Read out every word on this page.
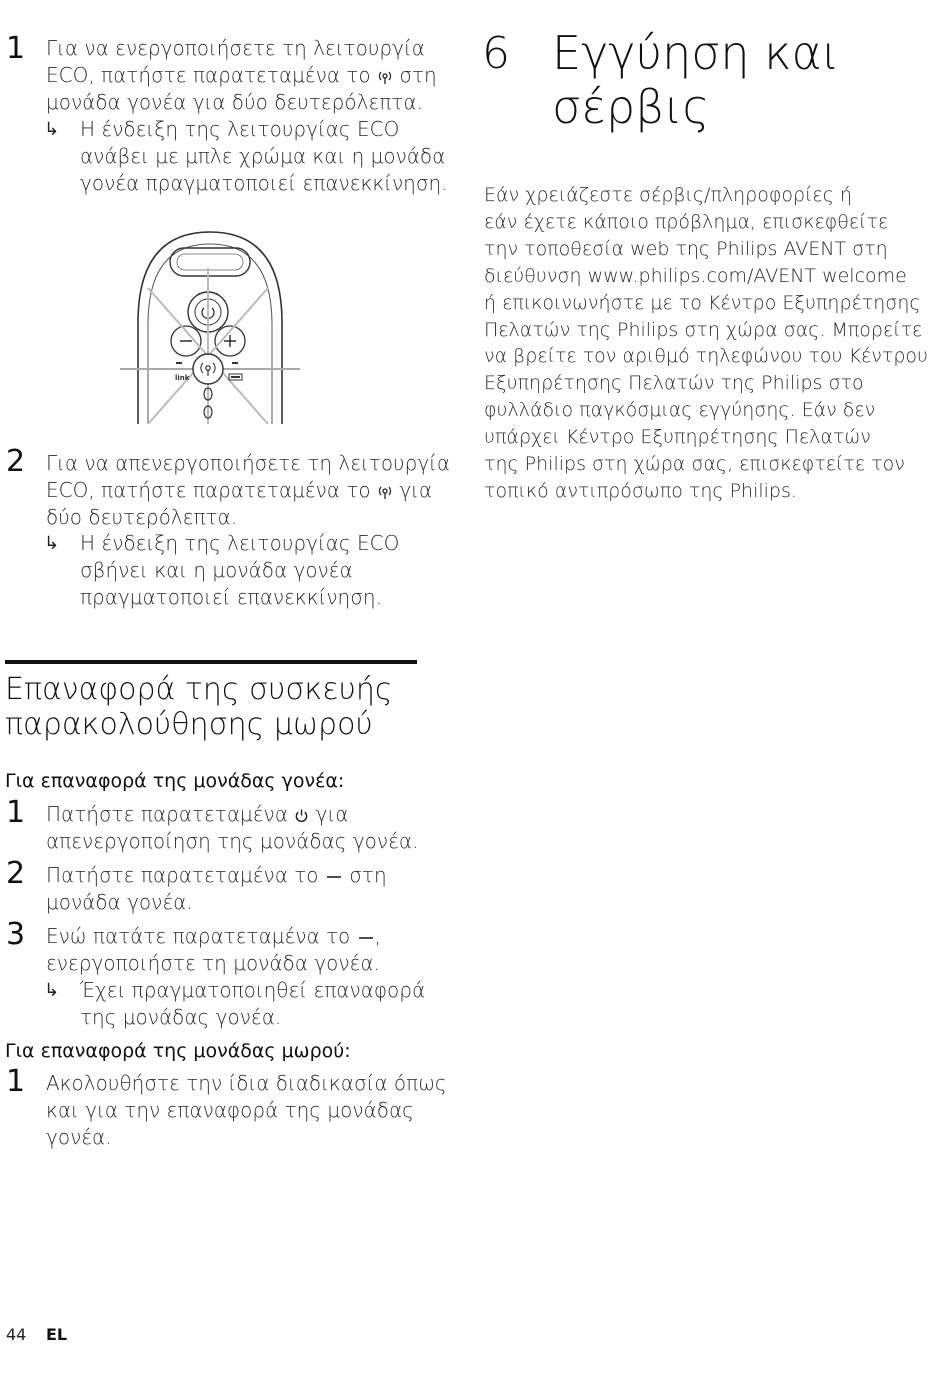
1 Για να ενεργοποιήσετε τη λειτουργία
ECO, πατήστε παρατεταμένα το στη
μονάδα γονέα για δύο δευτερόλεπτα.
↳ Η ένδειξη της λειτουργίας ECO
ανάβει με μπλε χρώμα και η μονάδα
γονέα πραγματοποιεί επανεκκίνηση.
link
2 Για να απενεργοποιήσετε τη λειτουργία
ECO, πατήστε παρατεταμένα το για
δύο δευτερόλεπτα.
↳ Η ένδειξη της λειτουργίας ECO
σβήνει και η μονάδα γονέα
πραγματοποιεί επανεκκίνηση.
Επαναφορά της συσκευής
παρακολούθησης μωρού
Για επαναφορά της μονάδας γονέα:
1 Πατήστε παρατεταμένα για
απενεργοποίηση της μονάδας γονέα.
2 Πατήστε παρατεταμένα το στη
μονάδα γονέα.
3 Ενώ πατάτε παρατεταμένα το ,
ενεργοποιήστε τη μονάδα γονέα.
↳ Έχει πραγματοποιηθεί επαναφορά
της μονάδας γονέα.
Για επαναφορά της μονάδας μωρού:
1 Ακολουθήστε την ίδια διαδικασία όπως
και για την επαναφορά της μονάδας
γονέα.
6 Εγγύηση και
σέρβις
Εάν χρειάζεστε σέρβις/πληροφορίες ή
εάν έχετε κάποιο πρόβλημα, επισκεφθείτε
την τοποθεσία web της Philips AVENT στη
διεύθυνση www.philips.com/AVENT welcome
ή επικοινωνήστε με το Κέντρο Εξυπηρέτησης
Πελατών της Philips στη χώρα σας. Μπορείτε
να βρείτε τον αριθμό τηλεφώνου του Κέντρου
Εξυπηρέτησης Πελατών της Philips στο
φυλλάδιο παγκόσμιας εγγύησης. Εάν δεν
υπάρχει Κέντρο Εξυπηρέτησης Πελατών
της Philips στη χώρα σας, επισκεφτείτε τον
τοπικό αντιπρόσωπο της Philips.
44 EL
